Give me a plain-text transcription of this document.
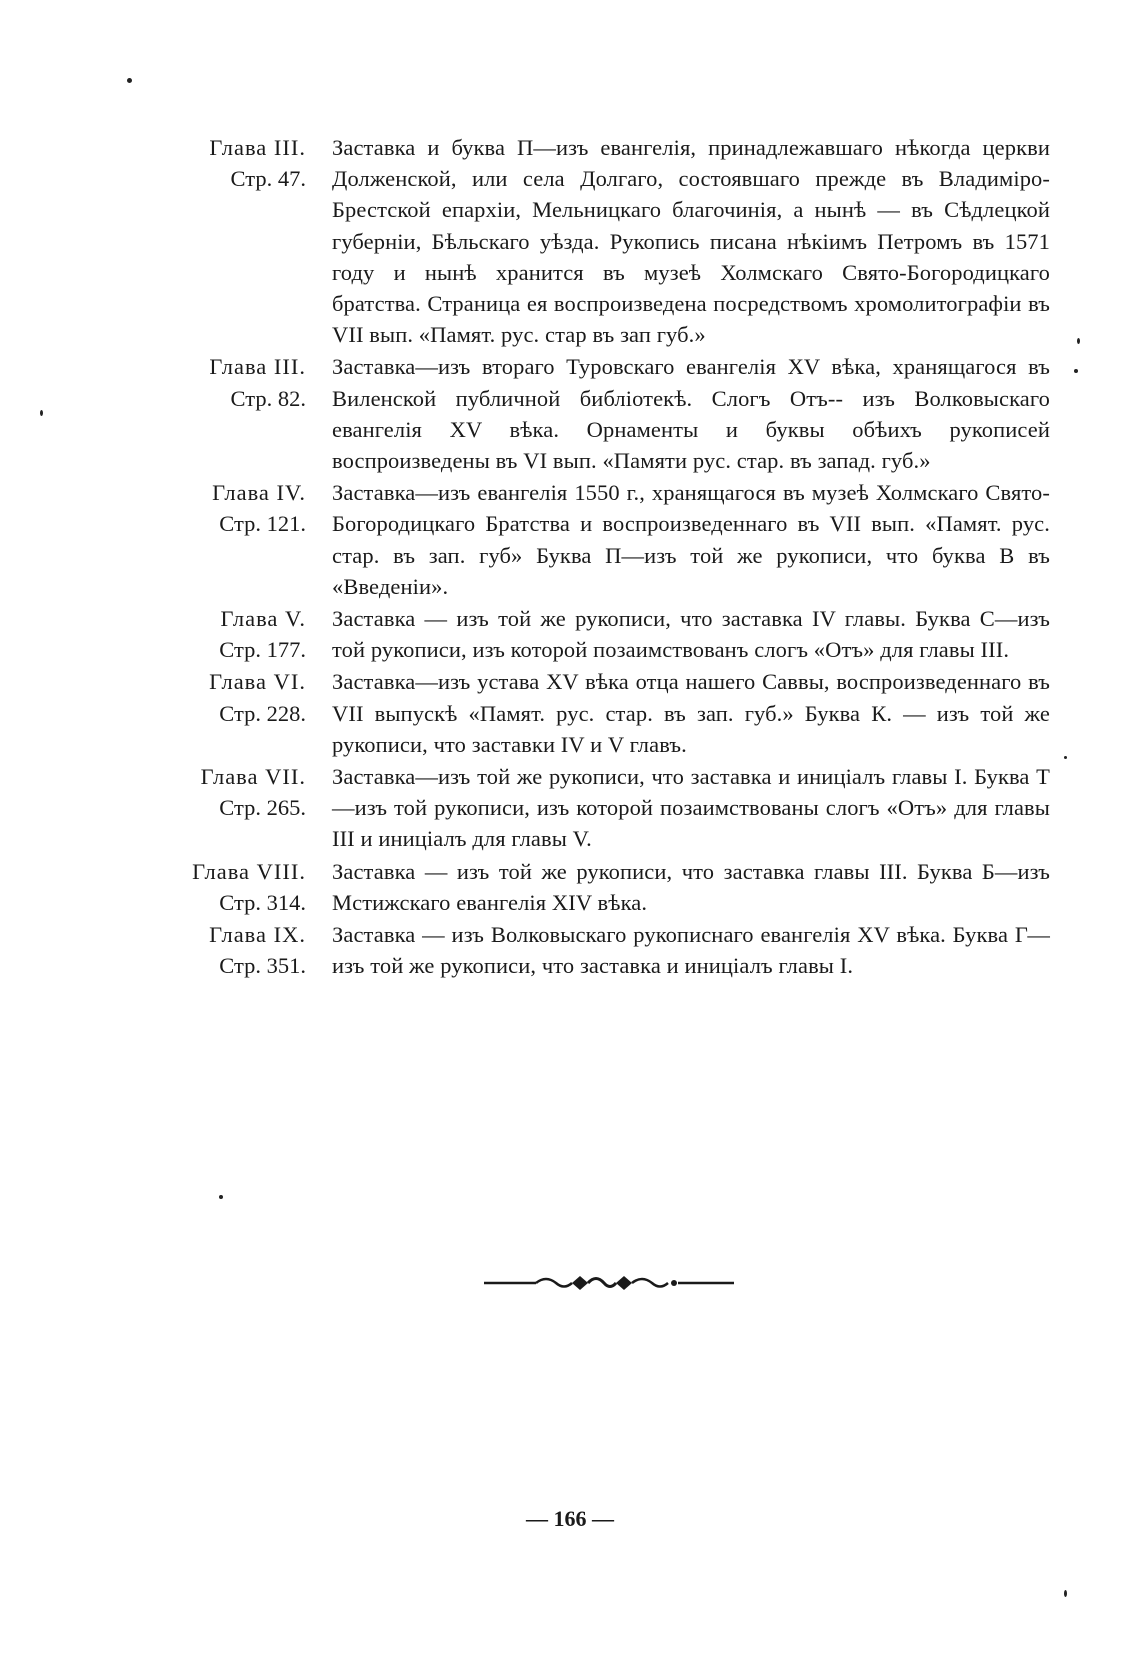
Глава III.
Стр. 47.
Заставка и буква П—изъ евангелія, принадлежавшаго нѣкогда церкви Долженской, или села Долгаго, состоявшаго прежде въ Владиміро-Брестской епархіи, Мельницкаго благочинія, а нынѣ — въ Сѣдлецкой губерніи, Бѣльскаго уѣзда. Рукопись писана нѣкіимъ Петромъ въ 1571 году и нынѣ хранится въ музеѣ Холмскаго Свято-Богородицкаго братства. Страница ея воспроизведена посредствомъ хромолитографіи въ VII вып. «Памят. рус. стар въ зап губ.»
Глава III.
Стр. 82.
Заставка—изъ втораго Туровскаго евангелія XV вѣка, хранящагося въ Виленской публичной библіотекѣ. Слогъ Отъ-- изъ Волковыскаго евангелія XV вѣка. Орнаменты и буквы обѣихъ рукописей воспроизведены въ VI вып. «Памяти рус. стар. въ запад. губ.»
Глава IV.
Стр. 121.
Заставка—изъ евангелія 1550 г., хранящагося въ музеѣ Холмскаго Свято-Богородицкаго Братства и воспроизведеннаго въ VII вып. «Памят. рус. стар. въ зап. губ» Буква П—изъ той же рукописи, что буква В въ «Введеніи».
Глава V.
Стр. 177.
Заставка — изъ той же рукописи, что заставка IV главы. Буква С—изъ той рукописи, изъ которой позаимствованъ слогъ «Отъ» для главы III.
Глава VI.
Стр. 228.
Заставка—изъ устава XV вѣка отца нашего Саввы, воспроизведеннаго въ VII выпускѣ «Памят. рус. стар. въ зап. губ.» Буква К. — изъ той же рукописи, что заставки IV и V главъ.
Глава VII.
Стр. 265.
Заставка—изъ той же рукописи, что заставка и иниціалъ главы I. Буква Т—изъ той рукописи, изъ которой позаимствованы слогъ «Отъ» для главы III и иниціалъ для главы V.
Глава VIII.
Стр. 314.
Заставка — изъ той же рукописи, что заставка главы III. Буква Б—изъ Мстижскаго евангелія XIV вѣка.
Глава IX.
Стр. 351.
Заставка — изъ Волковыскаго рукописнаго евангелія XV вѣка. Буква Г—изъ той же рукописи, что заставка и иниціалъ главы I.
— 166 —
